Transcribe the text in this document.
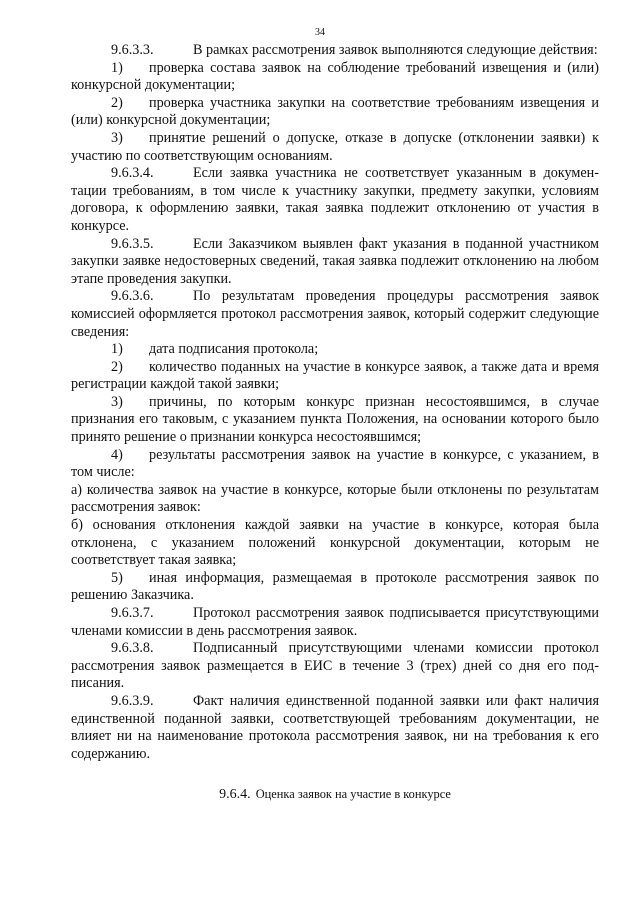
34

9.6.3.3.	В рамках рассмотрения заявок выполняются следующие действия:

1) проверка состава заявок на соблюдение требований извещения и (или) конкурсной документации;

2) проверка участника закупки на соответствие требованиям извещения и (или) конкурсной документации;

3) принятие решений о допуске, отказе в допуске (отклонении заявки) к участию по соответствующим основаниям.

9.6.3.4.	Если заявка участника не соответствует указанным в документации требованиям, в том числе к участнику закупки, предмету закупки, условиям договора, к оформлению заявки, такая заявка подлежит отклонению от участия в конкурсе.

9.6.3.5.	Если Заказчиком выявлен факт указания в поданной участником закупки заявке недостоверных сведений, такая заявка подлежит отклонению на любом этапе проведения закупки.

9.6.3.6.	По результатам проведения процедуры рассмотрения заявок комиссией оформляется протокол рассмотрения заявок, который содержит следующие сведения:

1) дата подписания протокола;

2) количество поданных на участие в конкурсе заявок, а также дата и время регистрации каждой такой заявки;

3) причины, по которым конкурс признан несостоявшимся, в случае признания его таковым, с указанием пункта Положения, на основании которого было принято решение о признании конкурса несостоявшимся;

4) результаты рассмотрения заявок на участие в конкурсе, с указанием, в том числе:

а) количества заявок на участие в конкурсе, которые были отклонены по результатам рассмотрения заявок:

б) основания отклонения каждой заявки на участие в конкурсе, которая была отклонена, с указанием положений конкурсной документации, которым не соответствует такая заявка;

5) иная информация, размещаемая в протоколе рассмотрения заявок по решению Заказчика.

9.6.3.7.	Протокол рассмотрения заявок подписывается присутствующими членами комиссии в день рассмотрения заявок.

9.6.3.8.	Подписанный присутствующими членами комиссии протокол рассмотрения заявок размещается в ЕИС в течение 3 (трех) дней со дня его подписания.

9.6.3.9.	Факт наличия единственной поданной заявки или факт наличия единственной поданной заявки, соответствующей требованиям документации, не влияет ни на наименование протокола рассмотрения заявок, ни на требования к его содержанию.

9.6.4. Оценка заявок на участие в конкурсе
